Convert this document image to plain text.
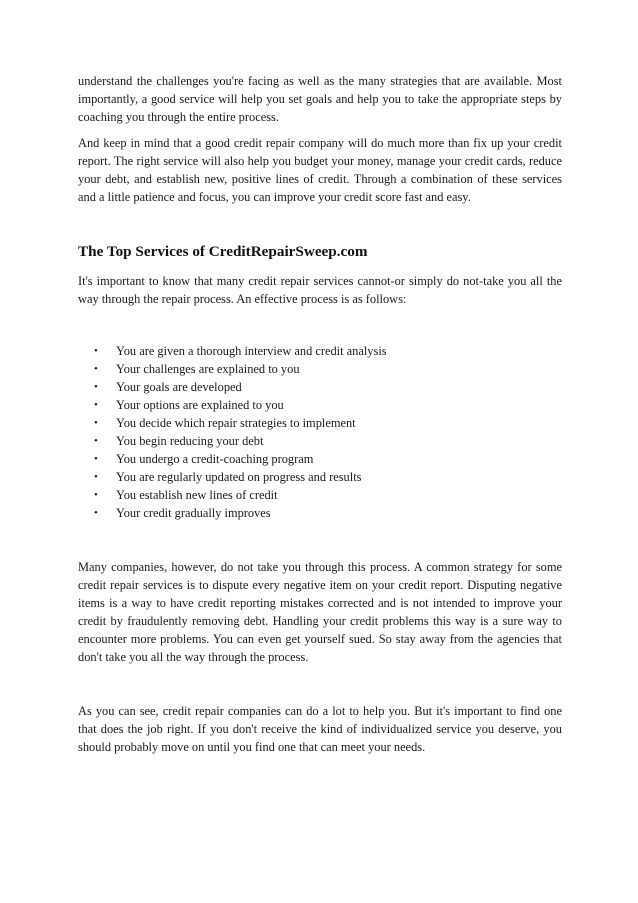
understand the challenges you're facing as well as the many strategies that are available. Most importantly, a good service will help you set goals and help you to take the appropriate steps by coaching you through the entire process.

And keep in mind that a good credit repair company will do much more than fix up your credit report. The right service will also help you budget your money, manage your credit cards, reduce your debt, and establish new, positive lines of credit. Through a combination of these services and a little patience and focus, you can improve your credit score fast and easy.

The Top Services of CreditRepairSweep.com

It's important to know that many credit repair services cannot-or simply do not-take you all the way through the repair process. An effective process is as follows:

• You are given a thorough interview and credit analysis
• Your challenges are explained to you
• Your goals are developed
• Your options are explained to you
• You decide which repair strategies to implement
• You begin reducing your debt
• You undergo a credit-coaching program
• You are regularly updated on progress and results
• You establish new lines of credit
• Your credit gradually improves

Many companies, however, do not take you through this process. A common strategy for some credit repair services is to dispute every negative item on your credit report. Disputing negative items is a way to have credit reporting mistakes corrected and is not intended to improve your credit by fraudulently removing debt. Handling your credit problems this way is a sure way to encounter more problems. You can even get yourself sued. So stay away from the agencies that don't take you all the way through the process.

As you can see, credit repair companies can do a lot to help you. But it's important to find one that does the job right. If you don't receive the kind of individualized service you deserve, you should probably move on until you find one that can meet your needs.
